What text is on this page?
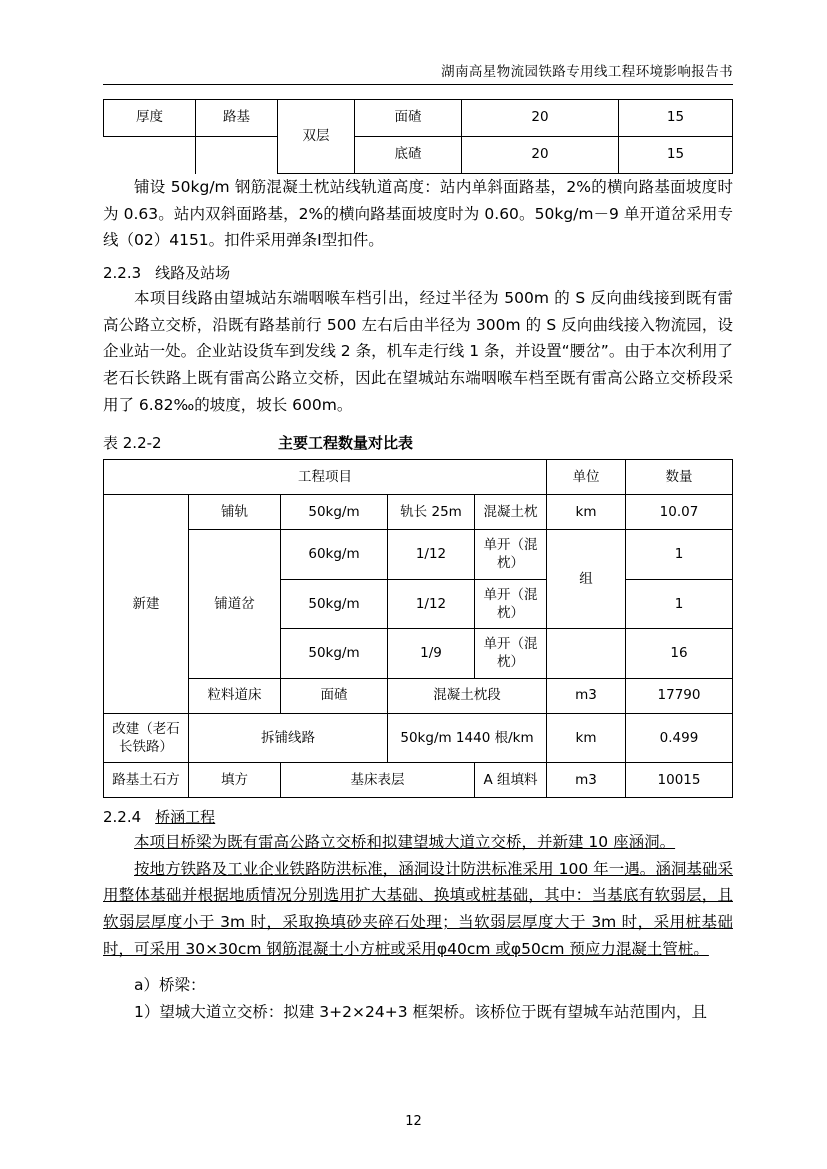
湖南高星物流园铁路专用线工程环境影响报告书
厚度	路基	双层	面碴	20	15
			底碴	20	15

铺设 50kg/m 钢筋混凝土枕站线轨道高度：站内单斜面路基，2%的横向路基面坡度时为 0.63。站内双斜面路基，2%的横向路基面坡度时为 0.60。50kg/m－9 单开道岔采用专线（02）4151。扣件采用弹条Ⅰ型扣件。

2.2.3 线路及站场

本项目线路由望城站东端咽喉车档引出，经过半径为 500m 的 S 反向曲线接到既有雷高公路立交桥，沿既有路基前行 500 左右后由半径为 300m 的 S 反向曲线接入物流园，设企业站一处。企业站设货车到发线 2 条，机车走行线 1 条，并设置“腰岔”。由于本次利用了老石长铁路上既有雷高公路立交桥，因此在望城站东端咽喉车档至既有雷高公路立交桥段采用了 6.82‰的坡度，坡长 600m。

表 2.2-2	主要工程数量对比表
工程项目					单位	数量
新建	铺轨	50kg/m	轨长 25m	混凝土枕	km	10.07
	铺道岔	60kg/m	1/12	单开（混枕）	组	1
		50kg/m	1/12	单开（混枕）		1
		50kg/m	1/9	单开（混枕）		16
	粒料道床	面碴	混凝土枕段		m3	17790
改建（老石长铁路）	拆铺线路		50kg/m 1440 根/km		km	0.499
路基土石方	填方	基床表层		A 组填料	m3	10015
2.2.4 桥涵工程

本项目桥梁为既有雷高公路立交桥和拟建望城大道立交桥，并新建 10 座涵洞。

按地方铁路及工业企业铁路防洪标准，涵洞设计防洪标准采用 100 年一遇。涵洞基础采用整体基础并根据地质情况分别选用扩大基础、换填或桩基础，其中：当基底有软弱层，且软弱层厚度小于 3m 时，采取换填砂夹碎石处理；当软弱层厚度大于 3m 时，采用桩基础时，可采用 30×30cm 钢筋混凝土小方桩或采用φ40cm 或φ50cm 预应力混凝土管桩。

a）桥梁：

1）望城大道立交桥：拟建 3+2×24+3 框架桥。该桥位于既有望城车站范围内，且

12
